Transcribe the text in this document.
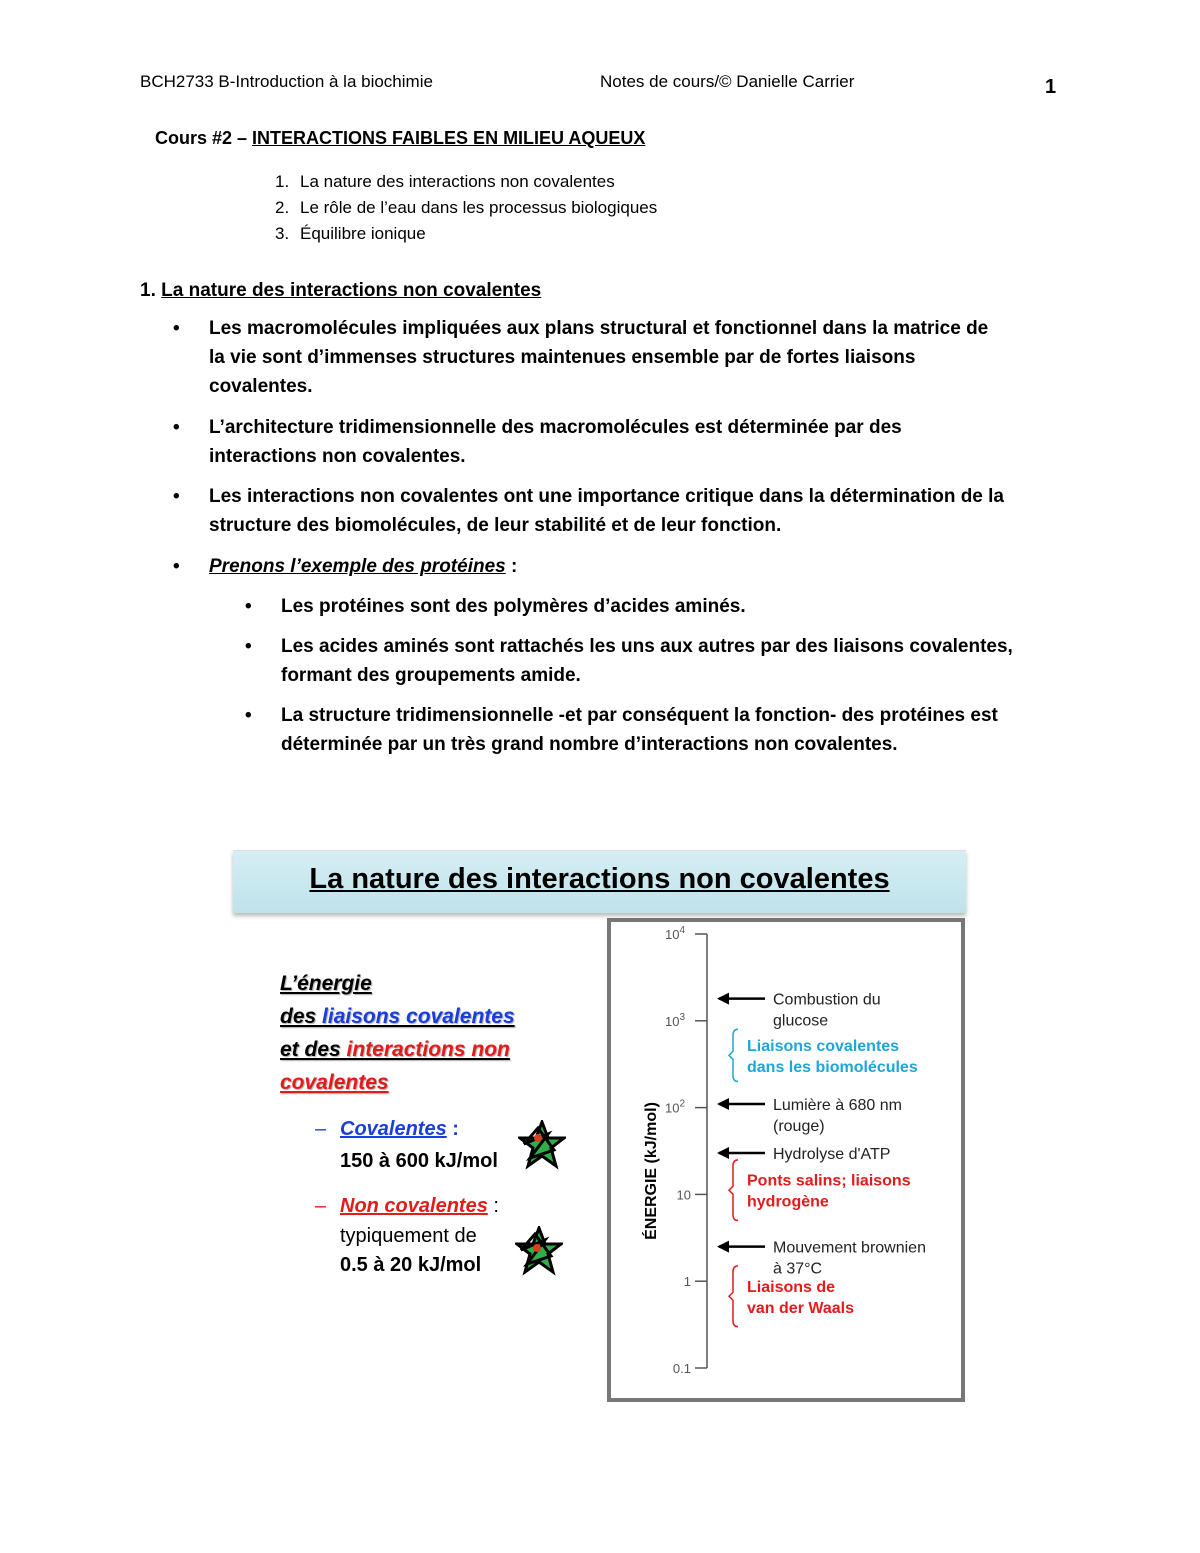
BCH2733 B-Introduction à la biochimie	Notes de cours/© Danielle Carrier	1
Cours #2 – INTERACTIONS FAIBLES EN MILIEU AQUEUX
1. La nature des interactions non covalentes
2. Le rôle de l’eau dans les processus biologiques
3. Équilibre ionique
1. La nature des interactions non covalentes
• Les macromolécules impliquées aux plans structural et fonctionnel dans la matrice de
la vie sont d’immenses structures maintenues ensemble par de fortes liaisons
covalentes.
• L’architecture tridimensionnelle des macromolécules est déterminée par des
interactions non covalentes.
• Les interactions non covalentes ont une importance critique dans la détermination de la
structure des biomolécules, de leur stabilité et de leur fonction.
• Prenons l’exemple des protéines :
• Les protéines sont des polymères d’acides aminés.
• Les acides aminés sont rattachés les uns aux autres par des liaisons covalentes,
formant des groupements amide.
• La structure tridimensionnelle -et par conséquent la fonction- des protéines est
déterminée par un très grand nombre d’interactions non covalentes.
La nature des interactions non covalentes
L’énergie
des liaisons covalentes
et des interactions non
covalentes
– Covalentes :
150 à 600 kJ/mol
– Non covalentes :
typiquement de
0.5 à 20 kJ/mol
ÉNERGIE (kJ/mol)
0.1
1
10
$10^2$
$10^3$
$10^4$
Combustion du
glucose
Lumière à 680 nm
(rouge)
Hydrolyse d'ATP
Mouvement brownien
à 37°C
Liaisons covalentes
dans les biomolécules
Ponts salins; liaisons
hydrogène
Liaisons de
van der Waals
